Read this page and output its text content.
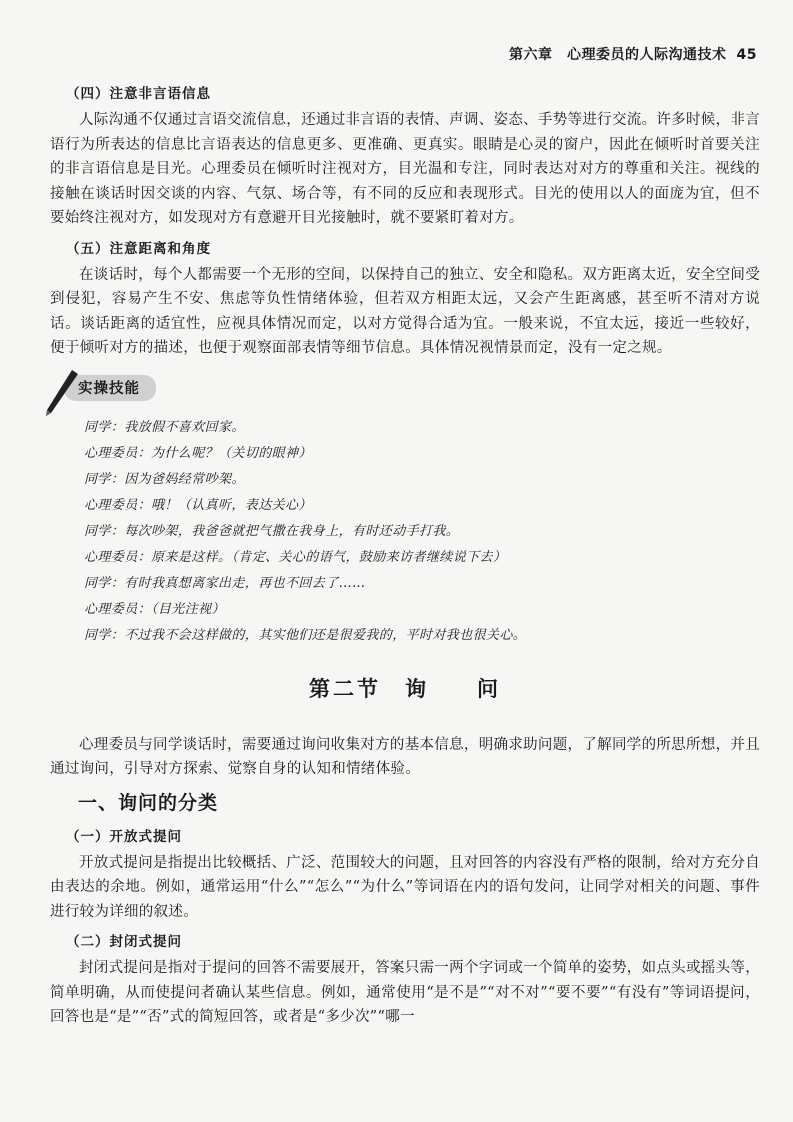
第六章　心理委员的人际沟通技术 45
（四）注意非言语信息

人际沟通不仅通过言语交流信息，还通过非言语的表情、声调、姿态、手势等进行交流。许多时候，非言语行为所表达的信息比言语表达的信息更多、更准确、更真实。眼睛是心灵的窗户，因此在倾听时首要关注的非言语信息是目光。心理委员在倾听时注视对方，目光温和专注，同时表达对对方的尊重和关注。视线的接触在谈话时因交谈的内容、气氛、场合等，有不同的反应和表现形式。目光的使用以人的面庞为宜，但不要始终注视对方，如发现对方有意避开目光接触时，就不要紧盯着对方。

（五）注意距离和角度

在谈话时，每个人都需要一个无形的空间，以保持自己的独立、安全和隐私。双方距离太近，安全空间受到侵犯，容易产生不安、焦虑等负性情绪体验，但若双方相距太远，又会产生距离感，甚至听不清对方说话。谈话距离的适宜性，应视具体情况而定，以对方觉得合适为宜。一般来说，不宜太远，接近一些较好，便于倾听对方的描述，也便于观察面部表情等细节信息。具体情况视情景而定，没有一定之规。

实操技能
同学：我放假不喜欢回家。
心理委员：为什么呢？（关切的眼神）
同学：因为爸妈经常吵架。
心理委员：哦！（认真听，表达关心）
同学：每次吵架，我爸爸就把气撒在我身上，有时还动手打我。
心理委员：原来是这样。（肯定、关心的语气，鼓励来访者继续说下去）
同学：有时我真想离家出走，再也不回去了……
心理委员：（目光注视）
同学：不过我不会这样做的，其实他们还是很爱我的，平时对我也很关心。
第二节　询　　问

心理委员与同学谈话时，需要通过询问收集对方的基本信息，明确求助问题，了解同学的所思所想，并且通过询问，引导对方探索、觉察自身的认知和情绪体验。

一、询问的分类
（一）开放式提问

开放式提问是指提出比较概括、广泛、范围较大的问题，且对回答的内容没有严格的限制，给对方充分自由表达的余地。例如，通常运用“什么”“怎么”“为什么”等词语在内的语句发问，让同学对相关的问题、事件进行较为详细的叙述。

（二）封闭式提问

封闭式提问是指对于提问的回答不需要展开，答案只需一两个字词或一个简单的姿势，如点头或摇头等，简单明确，从而使提问者确认某些信息。例如，通常使用“是不是”“对不对”“要不要”“有没有”等词语提问，回答也是“是”“否”式的简短回答，或者是“多少次”“哪一
